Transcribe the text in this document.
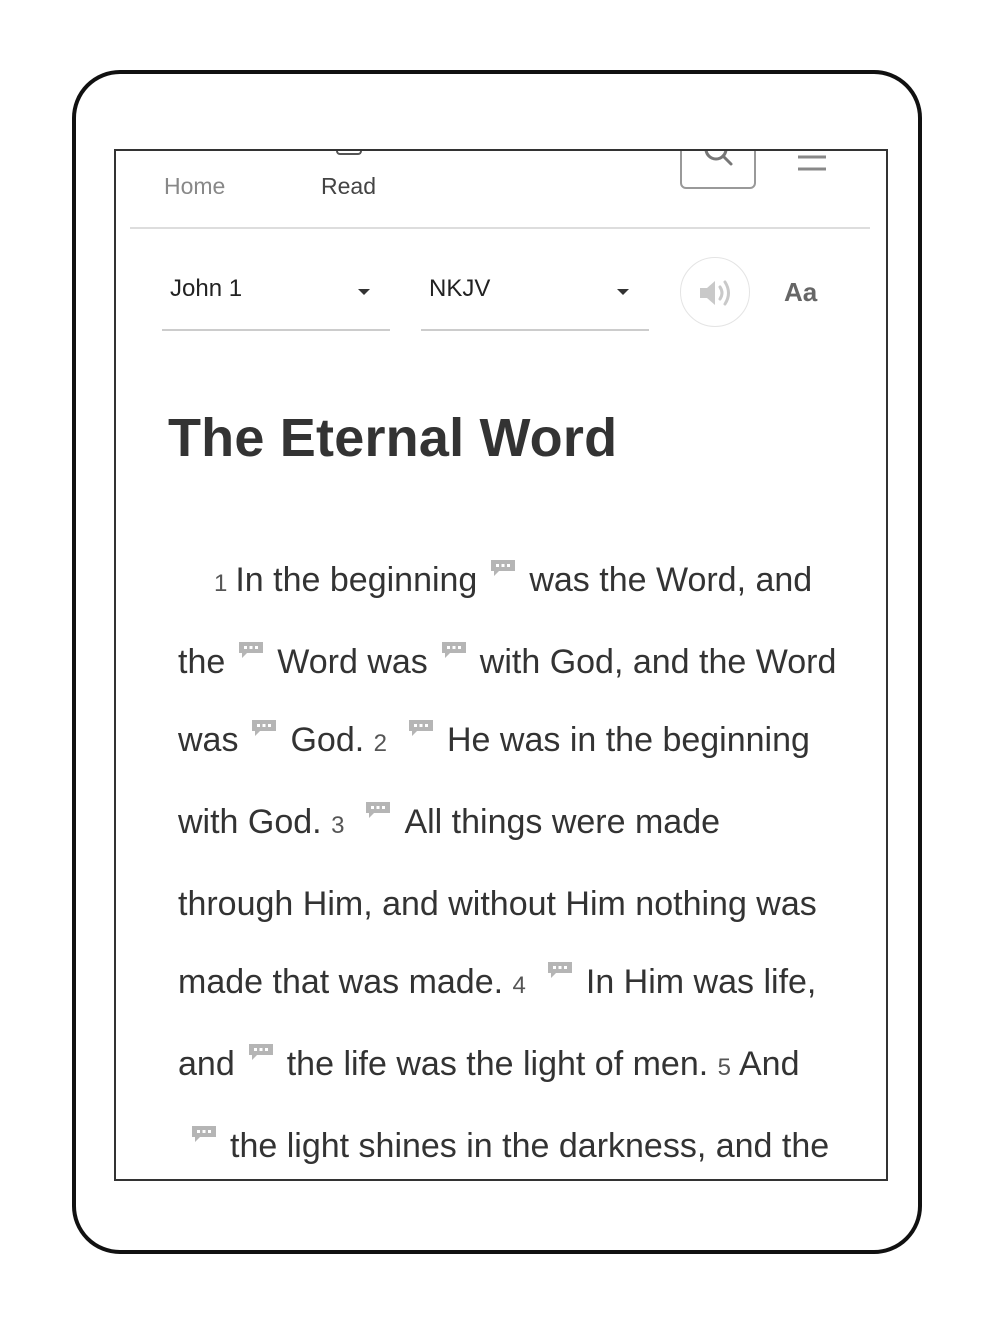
Home	Read
John 1	NKJV	Aa
The Eternal Word

1 In the beginning was the Word, and the Word was with God, and the Word was God. 2 He was in the beginning with God. 3 All things were made through Him, and without Him nothing was made that was made. 4 In Him was life, and the life was the light of men. 5 And
the light shines in the darkness, and the
